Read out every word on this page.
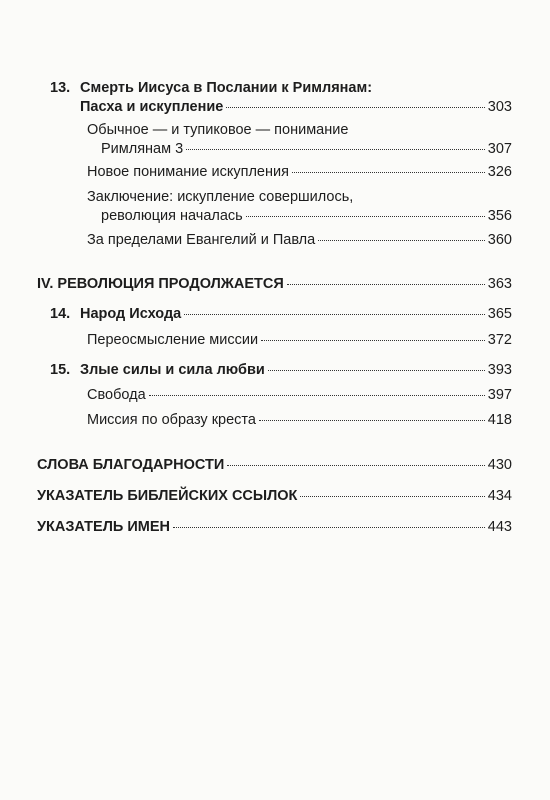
13. Смерть Иисуса в Послании к Римлянам:
Пасха и искупление	303
Обычное — и тупиковое — понимание
Римлянам 3	307
Новое понимание искупления	326
Заключение: искупление совершилось,
революция началась	356
За пределами Евангелий и Павла	360
IV. РЕВОЛЮЦИЯ ПРОДОЛЖАЕТСЯ	363
14. Народ Исхода	365
Переосмысление миссии	372
15. Злые силы и сила любви	393
Свобода	397
Миссия по образу креста	418
СЛОВА БЛАГОДАРНОСТИ	430
УКАЗАТЕЛЬ БИБЛЕЙСКИХ ССЫЛОК	434
УКАЗАТЕЛЬ ИМЕН	443
